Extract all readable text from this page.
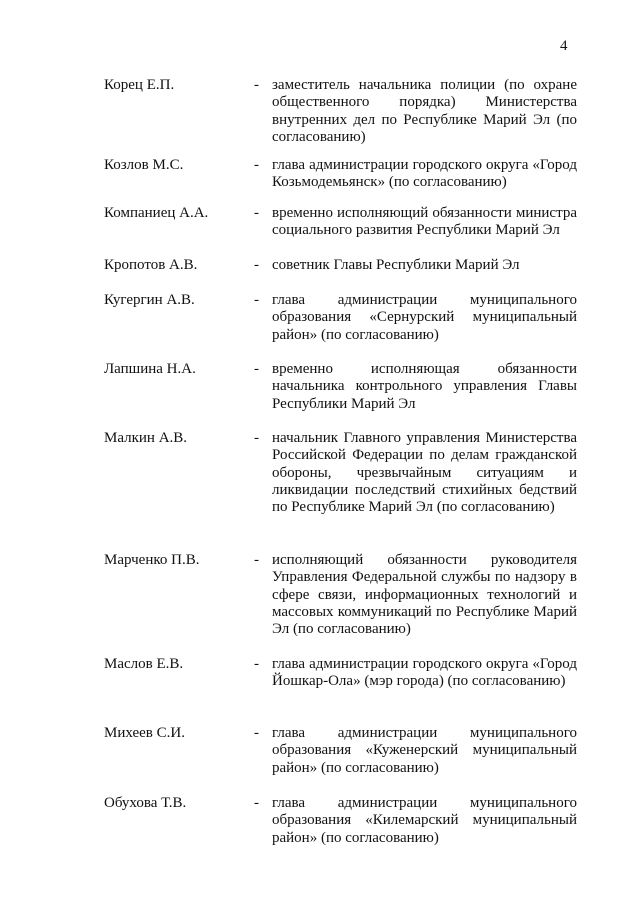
4
Корец Е.П.	- заместитель начальника полиции (по охране общественного порядка) Министерства внутренних дел по Республике Марий Эл (по согласованию)
Козлов М.С.	- глава администрации городского округа «Город Козьмодемьянск» (по согласованию)
Компаниец А.А.	- временно исполняющий обязанности министра социального развития Республики Марий Эл
Кропотов А.В.	- советник Главы Республики Марий Эл
Кугергин А.В.	- глава администрации муниципального образования «Сернурский муниципальный район» (по согласованию)
Лапшина Н.А.	- временно исполняющая обязанности начальника контрольного управления Главы Республики Марий Эл
Малкин А.В.	- начальник Главного управления Министерства Российской Федерации по делам гражданской обороны, чрезвычайным ситуациям и ликвидации последствий стихийных бедствий по Республике Марий Эл (по согласованию)
Марченко П.В.	- исполняющий обязанности руководителя Управления Федеральной службы по надзору в сфере связи, информационных технологий и массовых коммуникаций по Республике Марий Эл (по согласованию)
Маслов Е.В.	- глава администрации городского округа «Город Йошкар-Ола» (мэр города) (по согласованию)
Михеев С.И.	- глава администрации муниципального образования «Куженерский муниципальный район» (по согласованию)
Обухова Т.В.	- глава администрации муниципального образования «Килемарский муниципальный район» (по согласованию)
